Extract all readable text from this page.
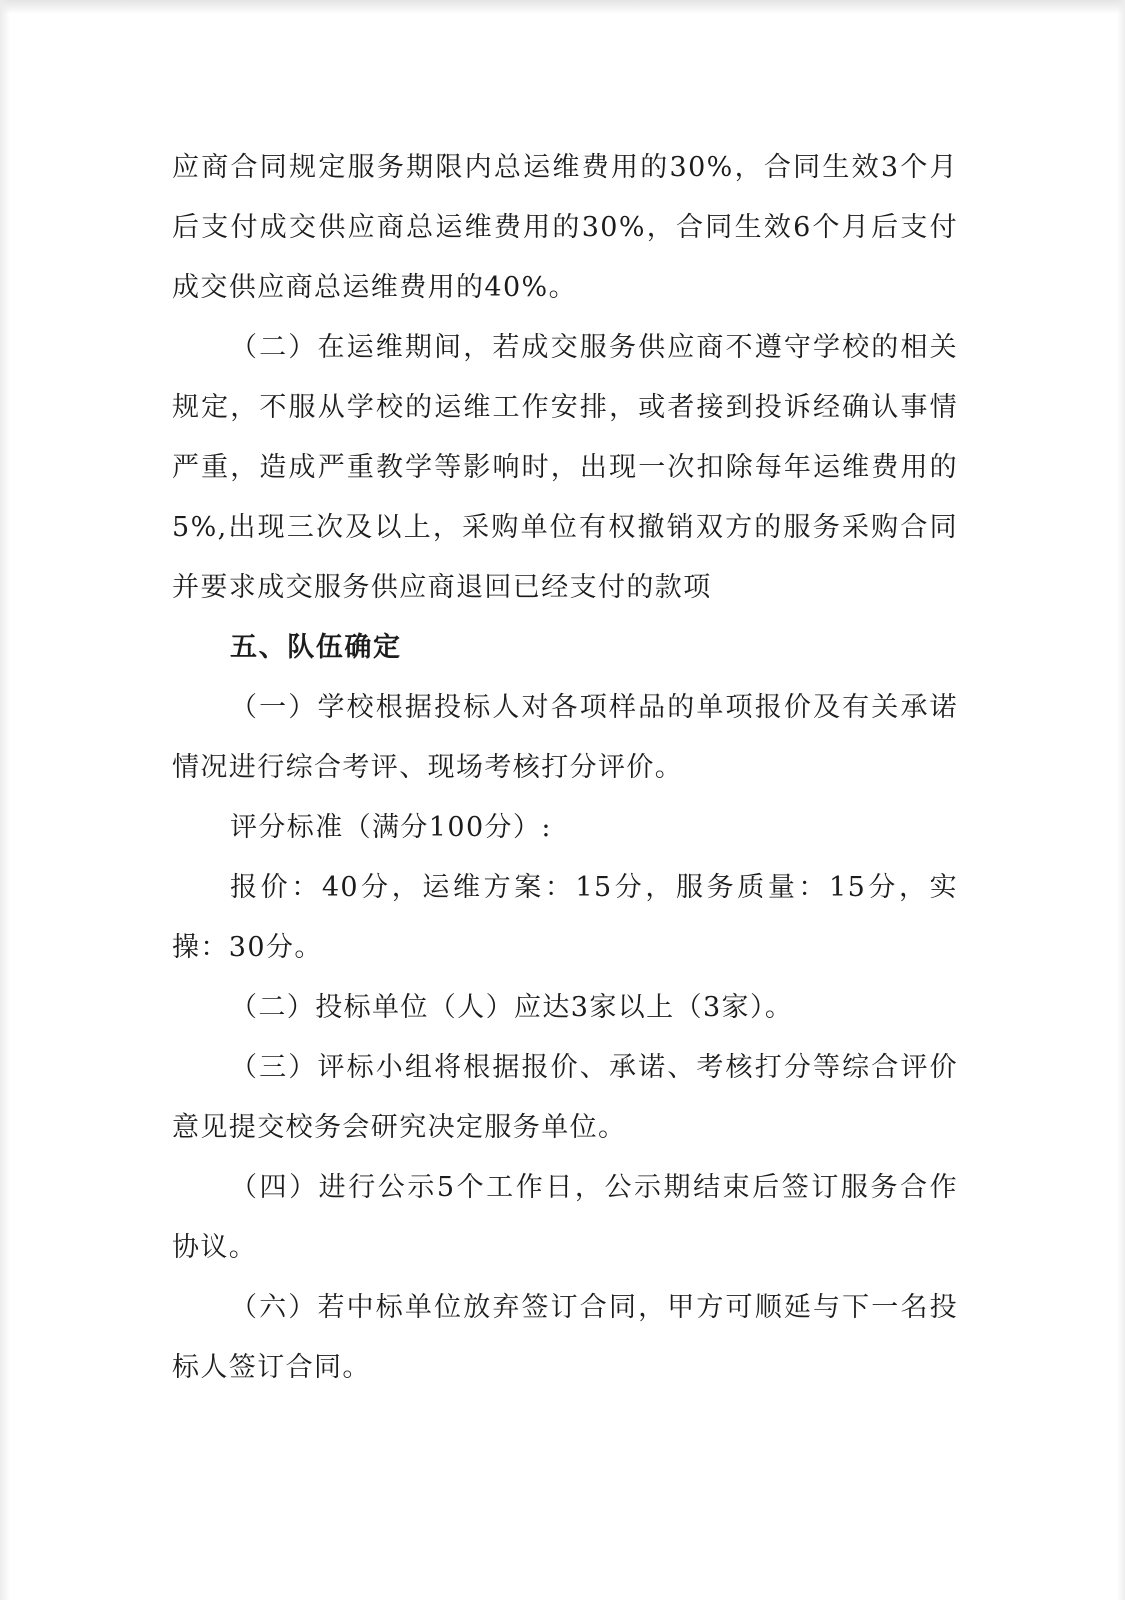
应商合同规定服务期限内总运维费用的30%，合同生效3个月后支付成交供应商总运维费用的30%，合同生效6个月后支付成交供应商总运维费用的40%。

（二）在运维期间，若成交服务供应商不遵守学校的相关规定，不服从学校的运维工作安排，或者接到投诉经确认事情严重，造成严重教学等影响时，出现一次扣除每年运维费用的5%,出现三次及以上，采购单位有权撤销双方的服务采购合同并要求成交服务供应商退回已经支付的款项

五、队伍确定

（一）学校根据投标人对各项样品的单项报价及有关承诺情况进行综合考评、现场考核打分评价。

评分标准（满分100分）:

报价：40分，运维方案：15分，服务质量：15分，实操：30分。

（二）投标单位（人）应达3家以上（3家）。

（三）评标小组将根据报价、承诺、考核打分等综合评价意见提交校务会研究决定服务单位。

（四）进行公示5个工作日，公示期结束后签订服务合作协议。

（六）若中标单位放弃签订合同，甲方可顺延与下一名投标人签订合同。
